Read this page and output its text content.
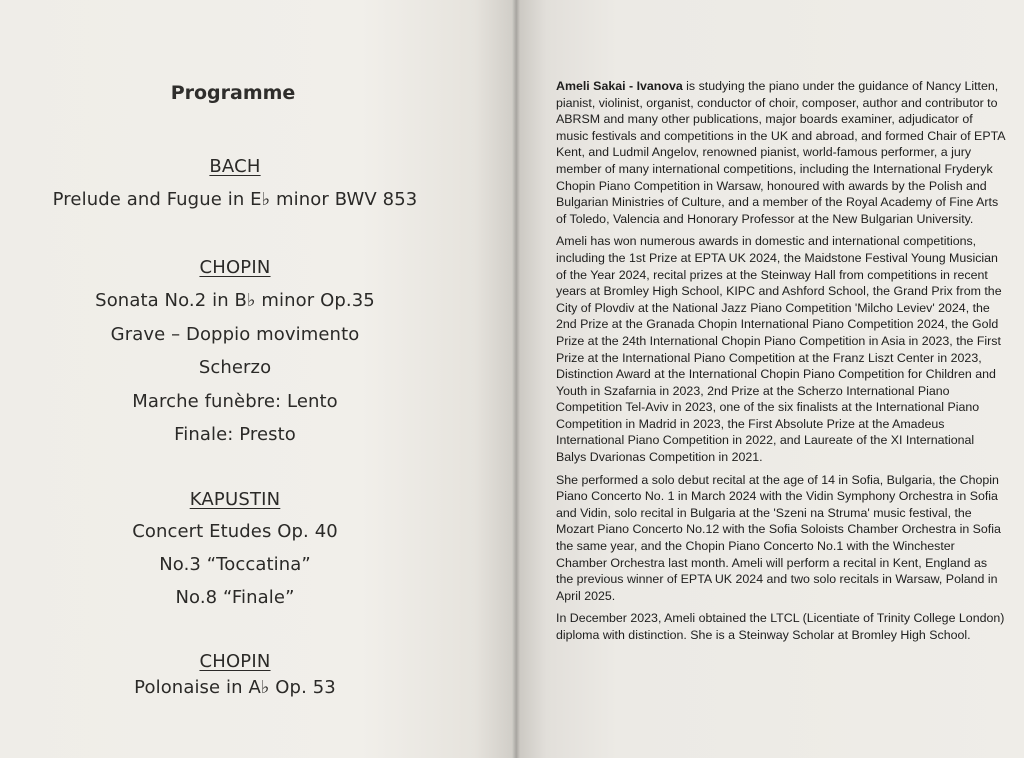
Programme
BACH
Prelude and Fugue in E♭ minor BWV 853
CHOPIN
Sonata No.2 in B♭ minor Op.35
Grave – Doppio movimento
Scherzo
Marche funèbre: Lento
Finale: Presto
KAPUSTIN
Concert Etudes Op. 40
No.3 “Toccatina”
No.8 “Finale”
CHOPIN
Polonaise in A♭ Op. 53

Ameli Sakai - Ivanova is studying the piano under the guidance of Nancy Litten, pianist, violinist, organist, conductor of choir, composer, author and contributor to ABRSM and many other publications, major boards examiner, adjudicator of music festivals and competitions in the UK and abroad, and formed Chair of EPTA Kent, and Ludmil Angelov, renowned pianist, world-famous performer, a jury member of many international competitions, including the International Fryderyk Chopin Piano Competition in Warsaw, honoured with awards by the Polish and Bulgarian Ministries of Culture, and a member of the Royal Academy of Fine Arts of Toledo, Valencia and Honorary Professor at the New Bulgarian University.

Ameli has won numerous awards in domestic and international competitions, including the 1st Prize at EPTA UK 2024, the Maidstone Festival Young Musician of the Year 2024, recital prizes at the Steinway Hall from competitions in recent years at Bromley High School, KIPC and Ashford School, the Grand Prix from the City of Plovdiv at the National Jazz Piano Competition 'Milcho Leviev' 2024, the 2nd Prize at the Granada Chopin International Piano Competition 2024, the Gold Prize at the 24th International Chopin Piano Competition in Asia in 2023, the First Prize at the International Piano Competition at the Franz Liszt Center in 2023, Distinction Award at the International Chopin Piano Competition for Children and Youth in Szafarnia in 2023, 2nd Prize at the Scherzo International Piano Competition Tel-Aviv in 2023, one of the six finalists at the International Piano Competition in Madrid in 2023, the First Absolute Prize at the Amadeus International Piano Competition in 2022, and Laureate of the XI International Balys Dvarionas Competition in 2021.

She performed a solo debut recital at the age of 14 in Sofia, Bulgaria, the Chopin Piano Concerto No. 1 in March 2024 with the Vidin Symphony Orchestra in Sofia and Vidin, solo recital in Bulgaria at the 'Szeni na Struma' music festival, the Mozart Piano Concerto No.12 with the Sofia Soloists Chamber Orchestra in Sofia the same year, and the Chopin Piano Concerto No.1 with the Winchester Chamber Orchestra last month. Ameli will perform a recital in Kent, England as the previous winner of EPTA UK 2024 and two solo recitals in Warsaw, Poland in April 2025.

In December 2023, Ameli obtained the LTCL (Licentiate of Trinity College London) diploma with distinction. She is a Steinway Scholar at Bromley High School.
